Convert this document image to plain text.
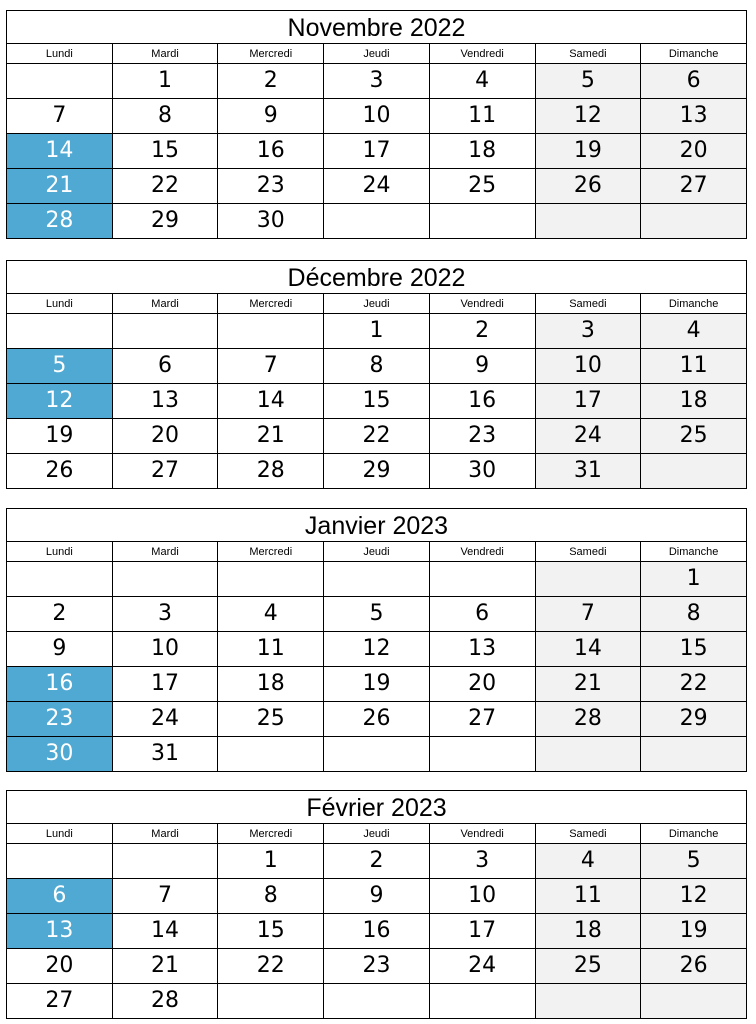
Novembre 2022						
Lundi	Mardi	Mercredi	Jeudi	Vendredi	Samedi	Dimanche
	1	2	3	4	5	6
7	8	9	10	11	12	13
14	15	16	17	18	19	20
21	22	23	24	25	26	27
28	29	30				
Décembre 2022						
Lundi	Mardi	Mercredi	Jeudi	Vendredi	Samedi	Dimanche
			1	2	3	4
5	6	7	8	9	10	11
12	13	14	15	16	17	18
19	20	21	22	23	24	25
26	27	28	29	30	31	
Janvier 2023						
Lundi	Mardi	Mercredi	Jeudi	Vendredi	Samedi	Dimanche
						1
2	3	4	5	6	7	8
9	10	11	12	13	14	15
16	17	18	19	20	21	22
23	24	25	26	27	28	29
30	31					
Février 2023						
Lundi	Mardi	Mercredi	Jeudi	Vendredi	Samedi	Dimanche
		1	2	3	4	5
6	7	8	9	10	11	12
13	14	15	16	17	18	19
20	21	22	23	24	25	26
27	28					
